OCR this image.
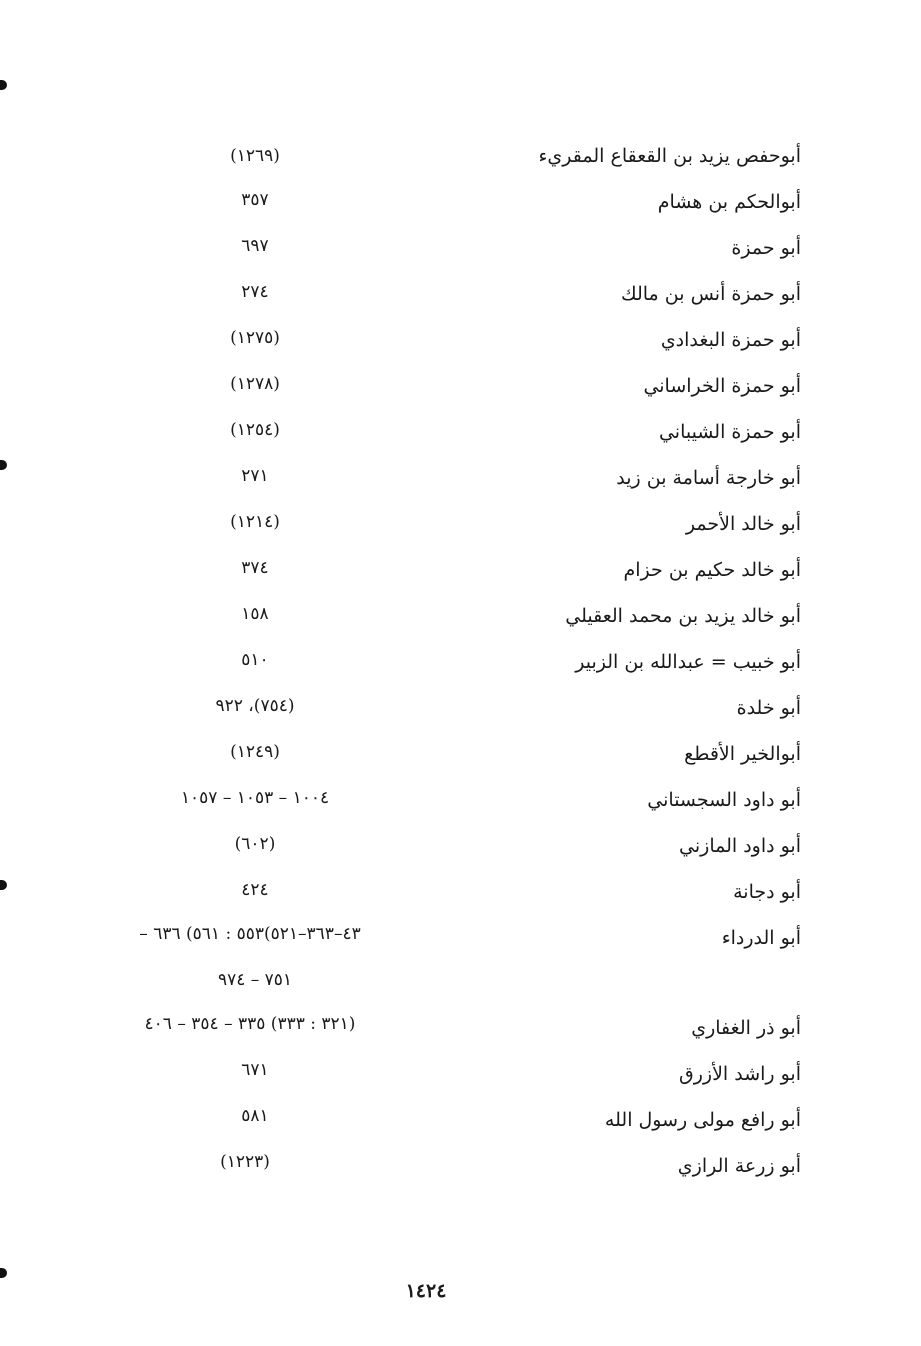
أبوحفص يزيد بن القعقاع المقريء
أبوالحكم بن هشام
أبو حمزة
أبو حمزة أنس بن مالك
أبو حمزة البغدادي
أبو حمزة الخراساني
أبو حمزة الشيباني
أبو خارجة أسامة بن زيد
أبو خالد الأحمر
أبو خالد حكيم بن حزام
أبو خالد يزيد بن محمد العقيلي
أبو خبيب = عبدالله بن الزبير
أبو خلدة
أبوالخير الأقطع
أبو داود السجستاني
أبو داود المازني
أبو دجانة
أبو الدرداء
أبو ذر الغفاري
أبو راشد الأزرق
أبو رافع مولى رسول الله
أبو زرعة الرازي
(١٢٦٩)
٣٥٧
٦٩٧
٢٧٤
(١٢٧٥)
(١٢٧٨)
(١٢٥٤)
٢٧١
(١٢١٤)
٣٧٤
١٥٨
٥١٠
(٧٥٤)، ٩٢٢
(١٢٤٩)
١٠٠٤ – ١٠٥٣ – ١٠٥٧
(٦٠٢)
٤٢٤
٤٣–٣٦٣–٥٢١)٥٥٣ : ٥٦١) ٦٣٦ –
٧٥١ – ٩٧٤
(٣٢١ : ٣٣٣) ٣٣٥ – ٣٥٤ – ٤٠٦
٦٧١
٥٨١
(١٢٢٣)
١٤٢٤
